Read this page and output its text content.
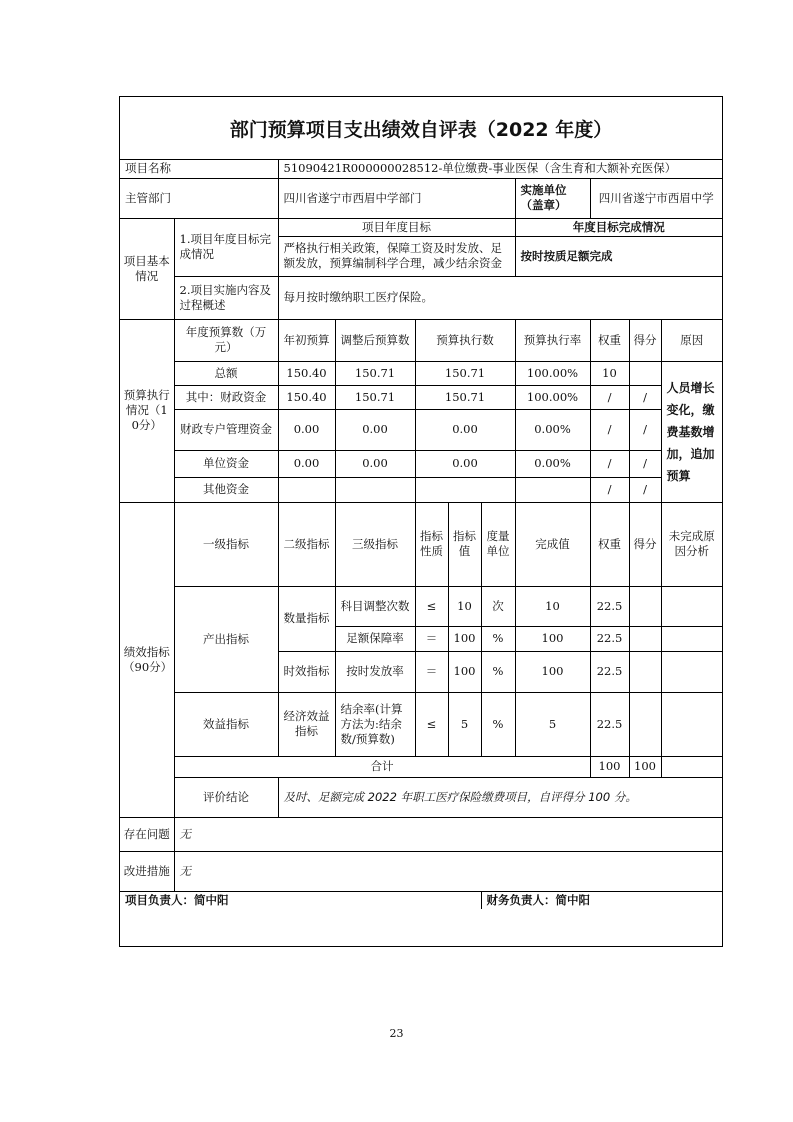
部门预算项目支出绩效自评表（2022 年度）
项目名称		51090421R000000028512-单位缴费-事业医保（含生育和大额补充医保）								
主管部门		四川省遂宁市西眉中学部门					实施单位（盖章）	四川省遂宁市西眉中学		
项目基本情况	1.项目年度目标完成情况	项目年度目标					年度目标完成情况			
		严格执行相关政策，保障工资及时发放、足额发放，预算编制科学合理，减少结余资金					按时按质足额完成			
	2.项目实施内容及过程概述	每月按时缴纳职工医疗保险。								
预算执行情况（10分）	年度预算数（万元）	年初预算	调整后预算数	预算执行数			预算执行率	权重	得分	原因
	总额	150.40	150.71	150.71			100.00%	10		人员增长变化，缴费基数增加，追加预算
	其中：财政资金	150.40	150.71	150.71			100.00%	/	/	
	财政专户管理资金	0.00	0.00	0.00			0.00%	/	/	
	单位资金	0.00	0.00	0.00			0.00%	/	/	
	其他资金							/	/	
绩效指标（90分）	一级指标	二级指标	三级指标	指标性质	指标值	度量单位	完成值	权重	得分	未完成原因分析
	产出指标	数量指标	科目调整次数	≤	10	次	10	22.5		
			足额保障率	＝	100	%	100	22.5		
		时效指标	按时发放率	＝	100	%	100	22.5		
	效益指标	经济效益指标	结余率(计算方法为:结余数/预算数)	≤	5	%	5	22.5		
	合计							100	100	
	评价结论	及时、足额完成 2022 年职工医疗保险缴费项目，自评得分 100 分。								
存在问题	无									
改进措施	无									
项目负责人：简中阳						财务负责人：简中阳				
23
